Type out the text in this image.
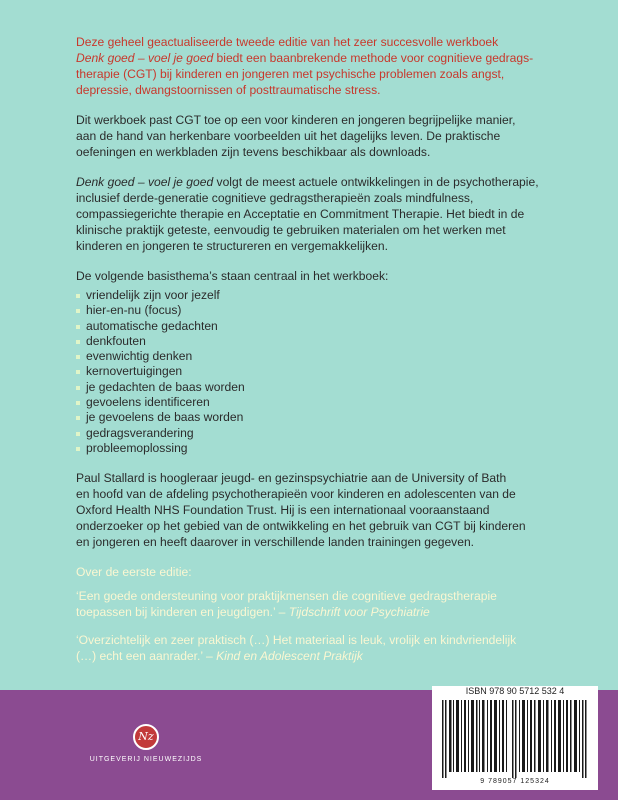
Deze geheel geactualiseerde tweede editie van het zeer succesvolle werkboek
Denk goed – voel je goed biedt een baanbrekende methode voor cognitieve gedrags-
therapie (CGT) bij kinderen en jongeren met psychische problemen zoals angst,
depressie, dwangstoornissen of posttraumatische stress.

Dit werkboek past CGT toe op een voor kinderen en jongeren begrijpelijke manier,
aan de hand van herkenbare voorbeelden uit het dagelijks leven. De praktische
oefeningen en werkbladen zijn tevens beschikbaar als downloads.

Denk goed – voel je goed volgt de meest actuele ontwikkelingen in de psychotherapie,
inclusief derde-generatie cognitieve gedragstherapieën zoals mindfulness,
compassiegerichte therapie en Acceptatie en Commitment Therapie. Het biedt in de
klinische praktijk geteste, eenvoudig te gebruiken materialen om het werken met
kinderen en jongeren te structureren en vergemakkelijken.

De volgende basisthema’s staan centraal in het werkboek:

vriendelijk zijn voor jezelf
hier-en-nu (focus)
automatische gedachten
denkfouten
evenwichtig denken
kernovertuigingen
je gedachten de baas worden
gevoelens identificeren
je gevoelens de baas worden
gedragsverandering
probleemoplossing

Paul Stallard is hoogleraar jeugd- en gezinspsychiatrie aan de University of Bath
en hoofd van de afdeling psychotherapieën voor kinderen en adolescenten van de
Oxford Health NHS Foundation Trust. Hij is een internationaal vooraanstaand
onderzoeker op het gebied van de ontwikkeling en het gebruik van CGT bij kinderen
en jongeren en heeft daarover in verschillende landen trainingen gegeven.

Over de eerste editie:

‘Een goede ondersteuning voor praktijkmensen die cognitieve gedragstherapie
toepassen bij kinderen en jeugdigen.’ – Tijdschrift voor Psychiatrie

‘Overzichtelijk en zeer praktisch (…) Het materiaal is leuk, vrolijk en kindvriendelijk
(…) echt een aanrader.’ – Kind en Adolescent Praktijk

Nz
UITGEVERIJ NIEUWEZIJDS
ISBN 978 90 5712 532 4
9 789057 125324
